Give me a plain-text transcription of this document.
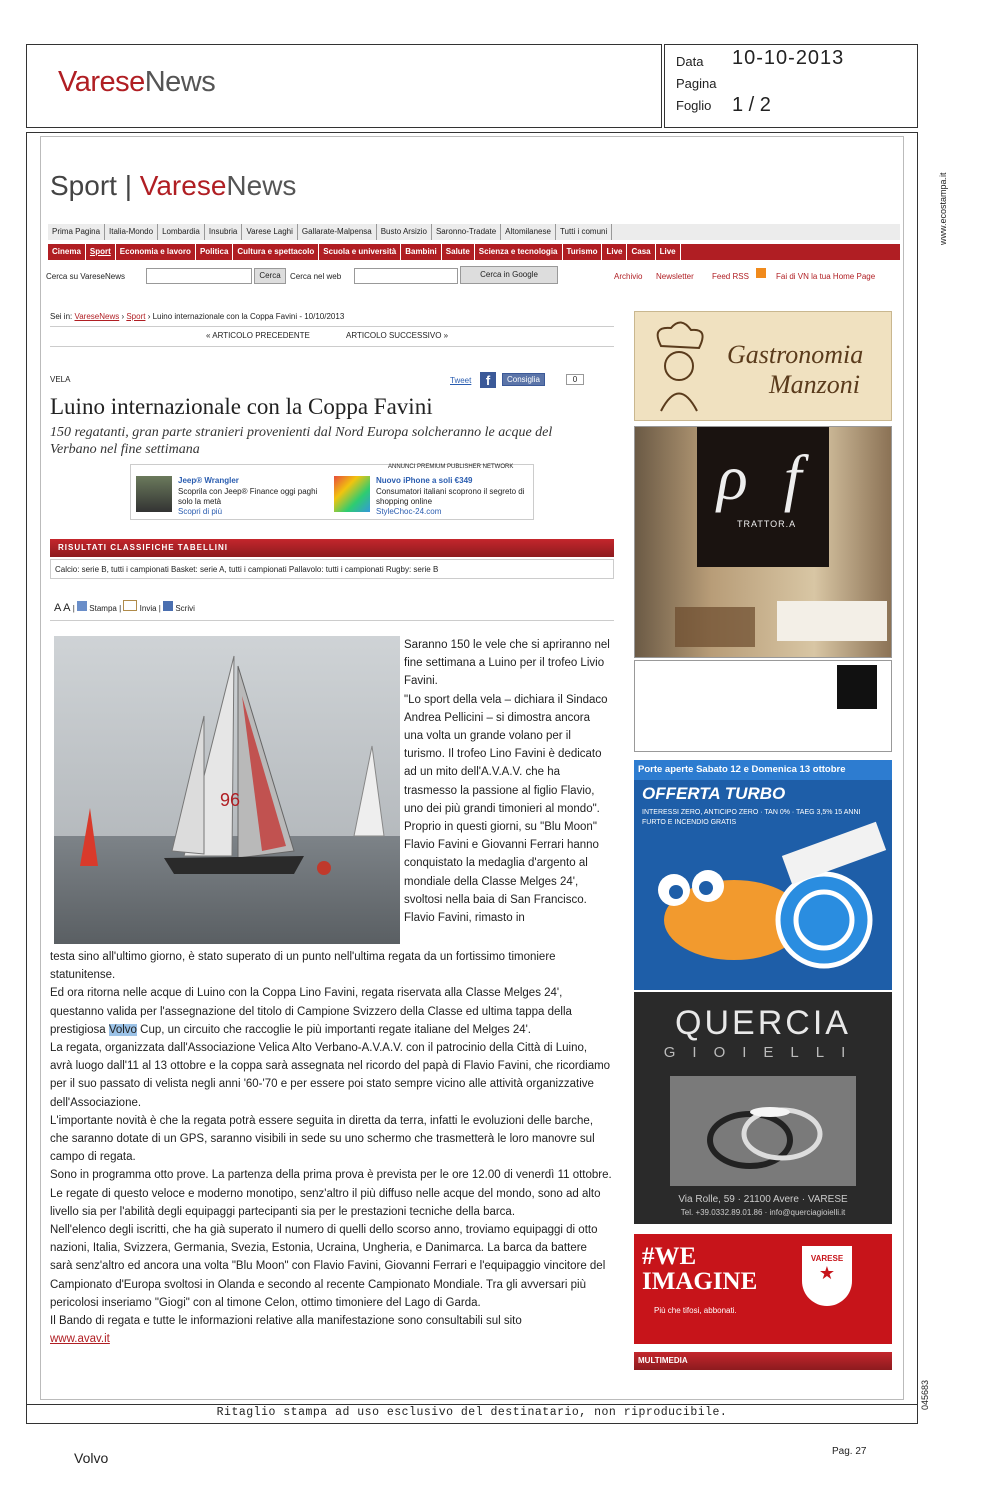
VareseNews
Data 10-10-2013
Pagina
Foglio 1 / 2
www.ecostampa.it
045683
Sport | VareseNews
Prima Pagina Italia-Mondo Lombardia Insubria Varese Laghi Gallarate-Malpensa Busto Arsizio Saronno-Tradate Altomilanese Tutti i comuni
Cinema Sport Economia e lavoro Politica Cultura e spettacolo Scuola e università Bambini Salute Scienza e tecnologia Turismo Live Casa Live
Cerca su VareseNews	Cerca	Cerca nel web	Cerca in Google	Archivio Newsletter Feed RSS	Fai di VN la tua Home Page
Sei in: VareseNews › Sport › Luino internazionale con la Coppa Favini - 10/10/2013
« ARTICOLO PRECEDENTE	ARTICOLO SUCCESSIVO »
VELA	Tweet	f	Consiglia	0
Luino internazionale con la Coppa Favini
150 regatanti, gran parte stranieri provenienti dal Nord Europa solcheranno le acque del Verbano nel fine settimana
ANNUNCI PREMIUM PUBLISHER NETWORK
Jeep® Wrangler
Scoprila con Jeep® Finance oggi paghi solo la metà
Scopri di più
Nuovo iPhone a soli €349
Consumatori italiani scoprono il segreto di shopping online
StyleChoc-24.com
RISULTATI CLASSIFICHE TABELLINI
Calcio: serie B, tutti i campionati Basket: serie A, tutti i campionati Pallavolo: tutti i campionati Rugby: serie B
A A |  Stampa |  Invia |  Scrivi
96

Saranno 150 le vele che si apriranno nel fine settimana a Luino per il trofeo Livio Favini.

"Lo sport della vela – dichiara il Sindaco Andrea Pellicini – si dimostra ancora una volta un grande volano per il turismo. Il trofeo Lino Favini è dedicato ad un mito dell'A.V.A.V. che ha trasmesso la passione al figlio Flavio, uno dei più grandi timonieri al mondo".

Proprio in questi giorni, su "Blu Moon" Flavio Favini e Giovanni Ferrari hanno conquistato la medaglia d'argento al mondiale della Classe Melges 24', svoltosi nella baia di San Francisco. Flavio Favini, rimasto in

testa sino all'ultimo giorno, è stato superato di un punto nell'ultima regata da un fortissimo timoniere statunitense.

Ed ora ritorna nelle acque di Luino con la Coppa Lino Favini, regata riservata alla Classe Melges 24', questanno valida per l'assegnazione del titolo di Campione Svizzero della Classe ed ultima tappa della prestigiosa Volvo Cup, un circuito che raccoglie le più importanti regate italiane del Melges 24'.

La regata, organizzata dall'Associazione Velica Alto Verbano-A.V.A.V. con il patrocinio della Città di Luino, avrà luogo dall'11 al 13 ottobre e la coppa sarà assegnata nel ricordo del papà di Flavio Favini, che ricordiamo per il suo passato di velista negli anni '60-'70 e per essere poi stato sempre vicino alle attività organizzative dell'Associazione.

L'importante novità è che la regata potrà essere seguita in diretta da terra, infatti le evoluzioni delle barche, che saranno dotate di un GPS, saranno visibili in sede su uno schermo che trasmetterà le loro manovre sul campo di regata.

Sono in programma otto prove. La partenza della prima prova è prevista per le ore 12.00 di venerdì 11 ottobre. Le regate di questo veloce e moderno monotipo, senz'altro il più diffuso nelle acque del mondo, sono ad alto livello sia per l'abilità degli equipaggi partecipanti sia per le prestazioni tecniche della barca.

Nell'elenco degli iscritti, che ha già superato il numero di quelli dello scorso anno, troviamo equipaggi di otto nazioni, Italia, Svizzera, Germania, Svezia, Estonia, Ucraina, Ungheria, e Danimarca. La barca da battere sarà senz'altro ed ancora una volta "Blu Moon" con Flavio Favini, Giovanni Ferrari e l'equipaggio vincitore del Campionato d'Europa svoltosi in Olanda e secondo al recente Campionato Mondiale. Tra gli avversari più pericolosi inseriamo "Giogi" con al timone Celon, ottimo timoniere del Lago di Garda.

Il Bando di regata e tutte le informazioni relative alla manifestazione sono consultabili sul sito

www.avav.it

Gastronomia
Manzoni
ρ f
TRATTOR.A
Porte aperte Sabato 12 e Domenica 13 ottobre
OFFERTA TURBO
INTERESSI ZERO, ANTICIPO ZERO · TAN 0% · TAEG 3,5% 15 ANNI FURTO E INCENDIO GRATIS
QUERCIA
GIOIELLI
Via Rolle, 59 · 21100 Avere · VARESE
Tel. +39.0332.89.01.86 · info@querciagioielli.it
#WE IMAGINE
Più che tifosi, abbonati.
VARESE
★
MULTIMEDIA
Ritaglio stampa ad uso esclusivo del destinatario, non riproducibile.
Volvo	Pag. 27
